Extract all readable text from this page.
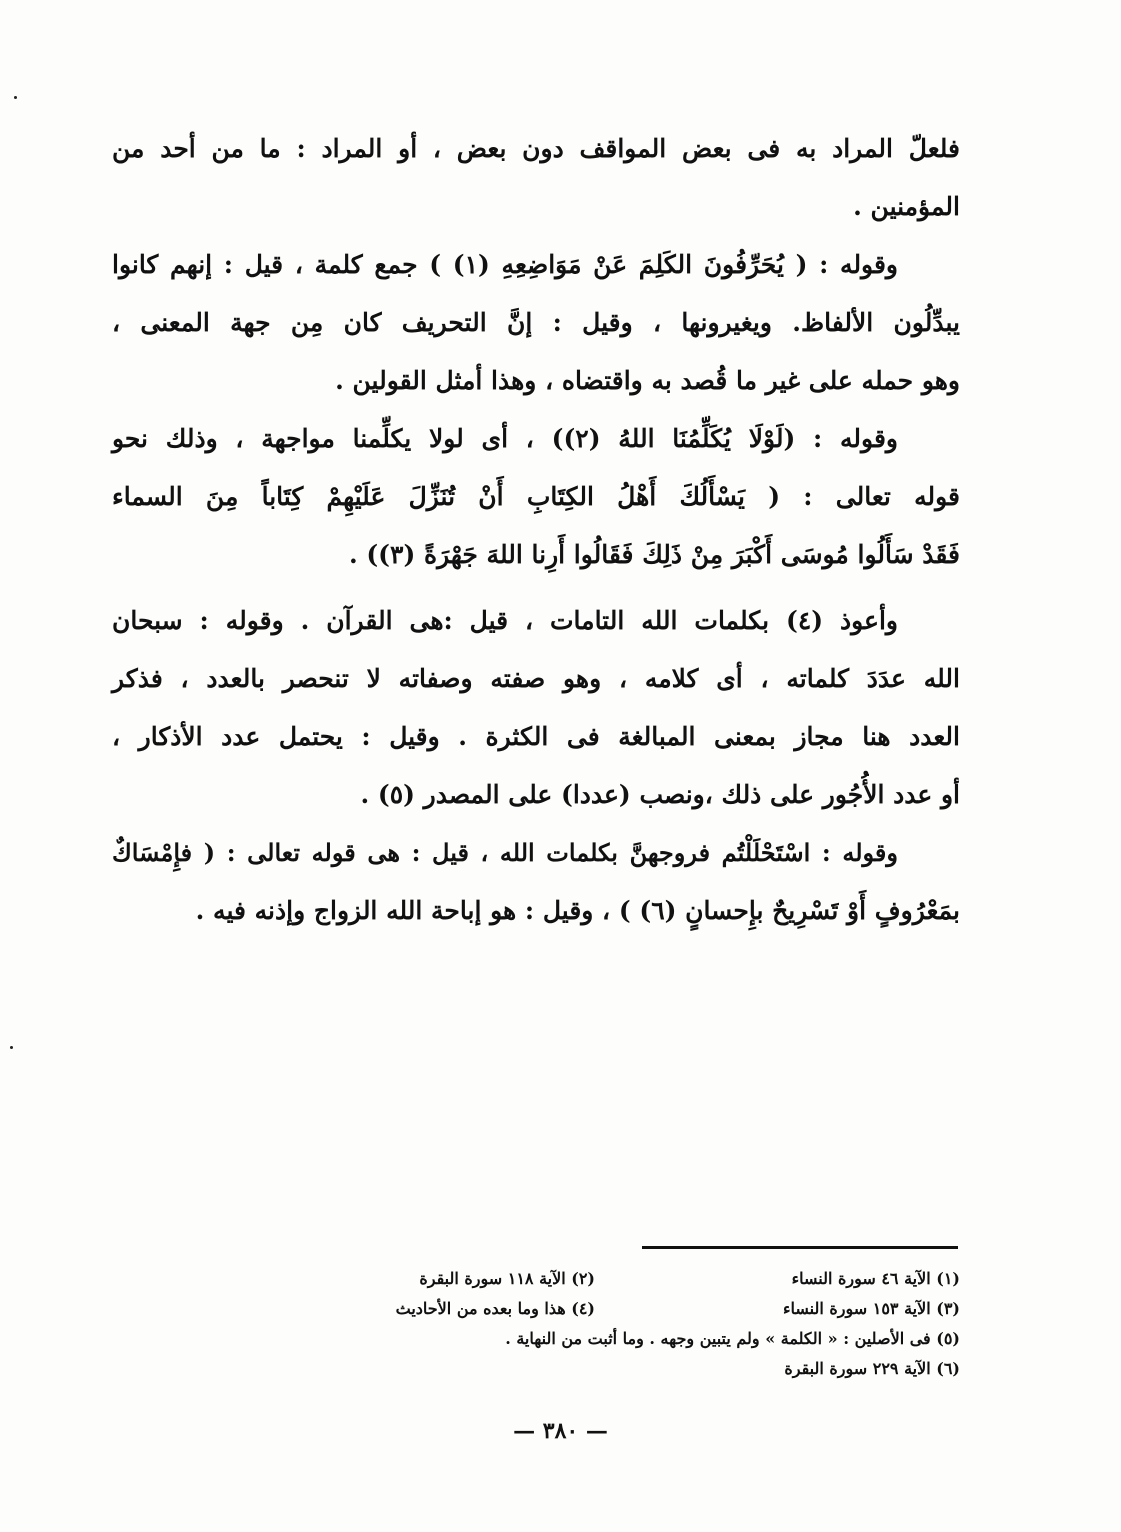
فلعلّ المراد به فى بعض المواقف دون بعض ، أو المراد : ما من أحد من
المؤمنين .
وقوله : ( يُحَرِّفُونَ الكَلِمَ عَنْ مَوَاضِعِهِ (١) ) جمع كلمة ، قيل : إنهم كانوا
يبدِّلُون الألفاظ. ويغيرونها ، وقيل : إنَّ التحريف كان مِن جهة المعنى ،
وهو حمله على غير ما قُصد به واقتضاه ، وهذا أمثل القولين .
وقوله : (لَوْلَا يُكَلِّمُنَا اللهُ (٢)) ، أى لولا يكلِّمنا مواجهة ، وذلك نحو
قوله تعالى : ( يَسْأَلُكَ أَهْلُ الكِتَابِ أَنْ تُنَزِّلَ عَلَيْهِمْ كِتَاباً مِنَ السماء
فَقَدْ سَأَلُوا مُوسَى أَكْبَرَ مِنْ ذَلِكَ فَقَالُوا أَرِنا اللهَ جَهْرَةً (٣)) .
وأعوذ (٤) بكلمات الله التامات ، قيل :هى القرآن . وقوله : سبحان
الله عدَدَ كلماته ، أى كلامه ، وهو صفته وصفاته لا تنحصر بالعدد ، فذكر
العدد هنا مجاز بمعنى المبالغة فى الكثرة . وقيل : يحتمل عدد الأذكار ،
أو عدد الأُجُور على ذلك ،ونصب (عددا) على المصدر (٥) .
وقوله : اسْتَحْلَلْتُم فروجهنَّ بكلمات الله ، قيل : هى قوله تعالى : ( فإِمْسَاكٌ
بمَعْرُوفٍ أَوْ تَسْرِيحٌ بإِحسانٍ (٦) ) ، وقيل : هو إباحة الله الزواج وإذنه فيه .
(١) الآية ٤٦ سورة النساء
(٢) الآية ١١٨ سورة البقرة
(٣) الآية ١٥٣ سورة النساء
(٤) هذا وما بعده من الأحاديث
(٥) فى الأصلين : « الكلمة » ولم يتبين وجهه . وما أثبت من النهاية .
(٦) الآية ٢٢٩ سورة البقرة
— ٣٨٠ —
